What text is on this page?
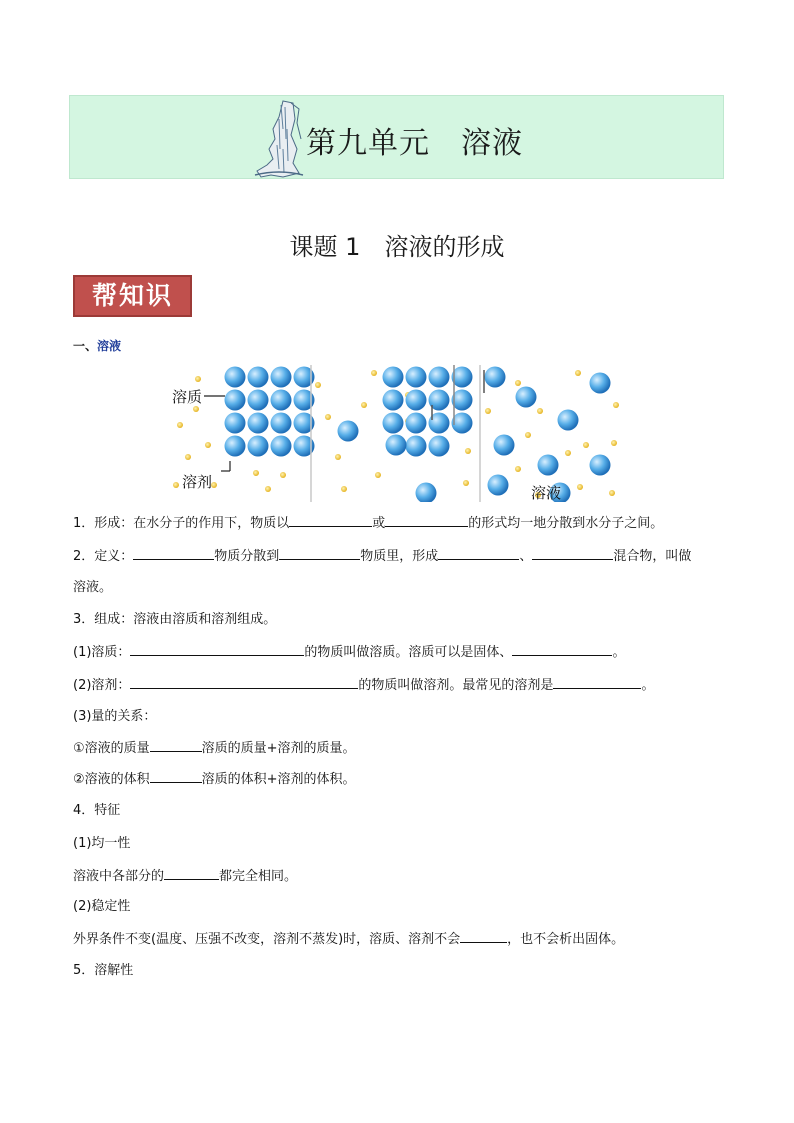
第九单元　溶液
课题 1　溶液的形成
帮知识
一、溶液
溶质
溶剂
溶液
1．形成：在水分子的作用下，物质以	或	的形式均一地分散到水分子之间。
2．定义：	物质分散到	物质里，形成	、	混合物，叫做
溶液。
3．组成：溶液由溶质和溶剂组成。
(1)溶质：	的物质叫做溶质。溶质可以是固体、	。
(2)溶剂：	的物质叫做溶剂。最常见的溶剂是	。
(3)量的关系：
①溶液的质量	溶质的质量+溶剂的质量。
②溶液的体积	溶质的体积+溶剂的体积。
4．特征
(1)均一性
溶液中各部分的	都完全相同。
(2)稳定性
外界条件不变(温度、压强不改变，溶剂不蒸发)时，溶质、溶剂不会	，也不会析出固体。
5．溶解性
